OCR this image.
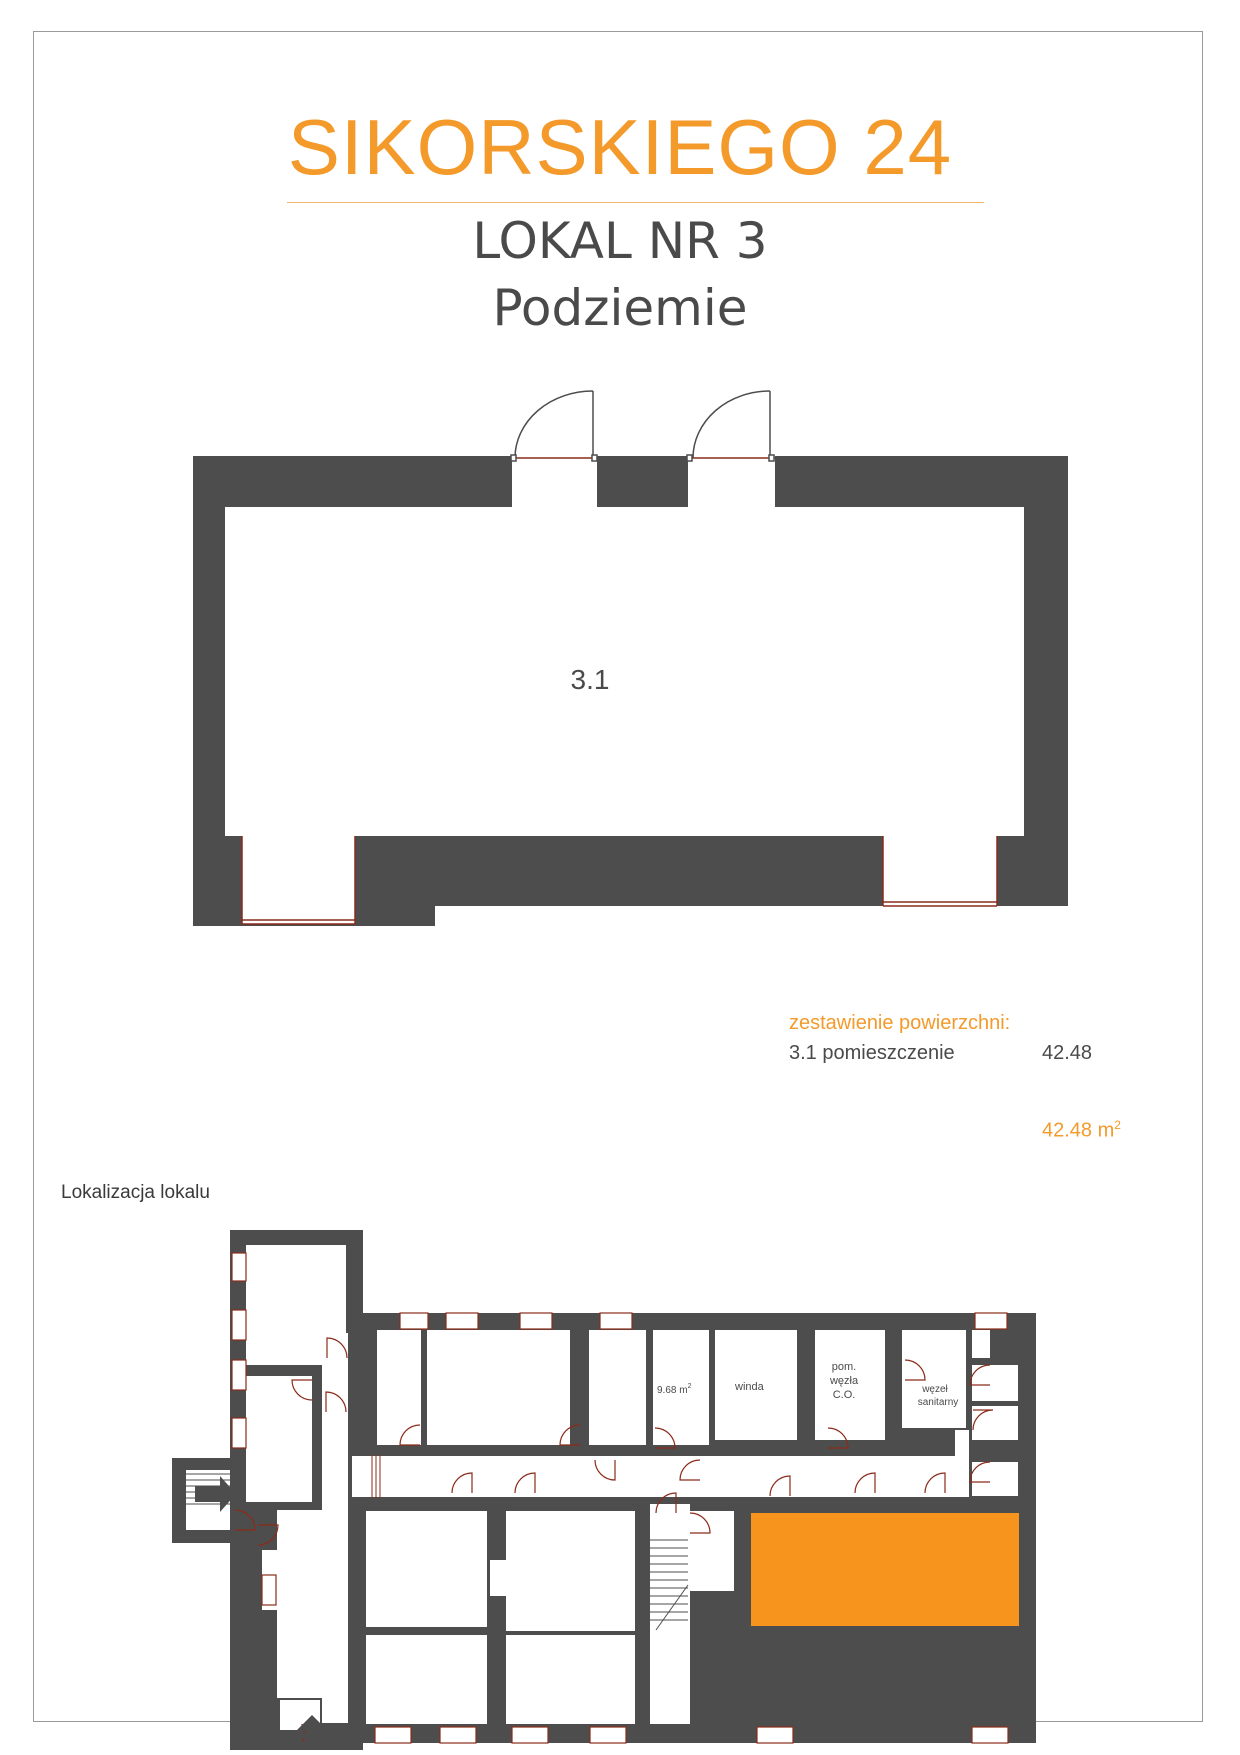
SIKORSKIEGO 24
LOKAL NR 3
Podziemie
3.1
9.68 $m^2$	winda
pom.
węzła
C.O.	węzeł
sanitarny
zestawienie powierzchni:
3.1 pomieszczenie	42.48
42.48 $m^2$
Lokalizacja lokalu
